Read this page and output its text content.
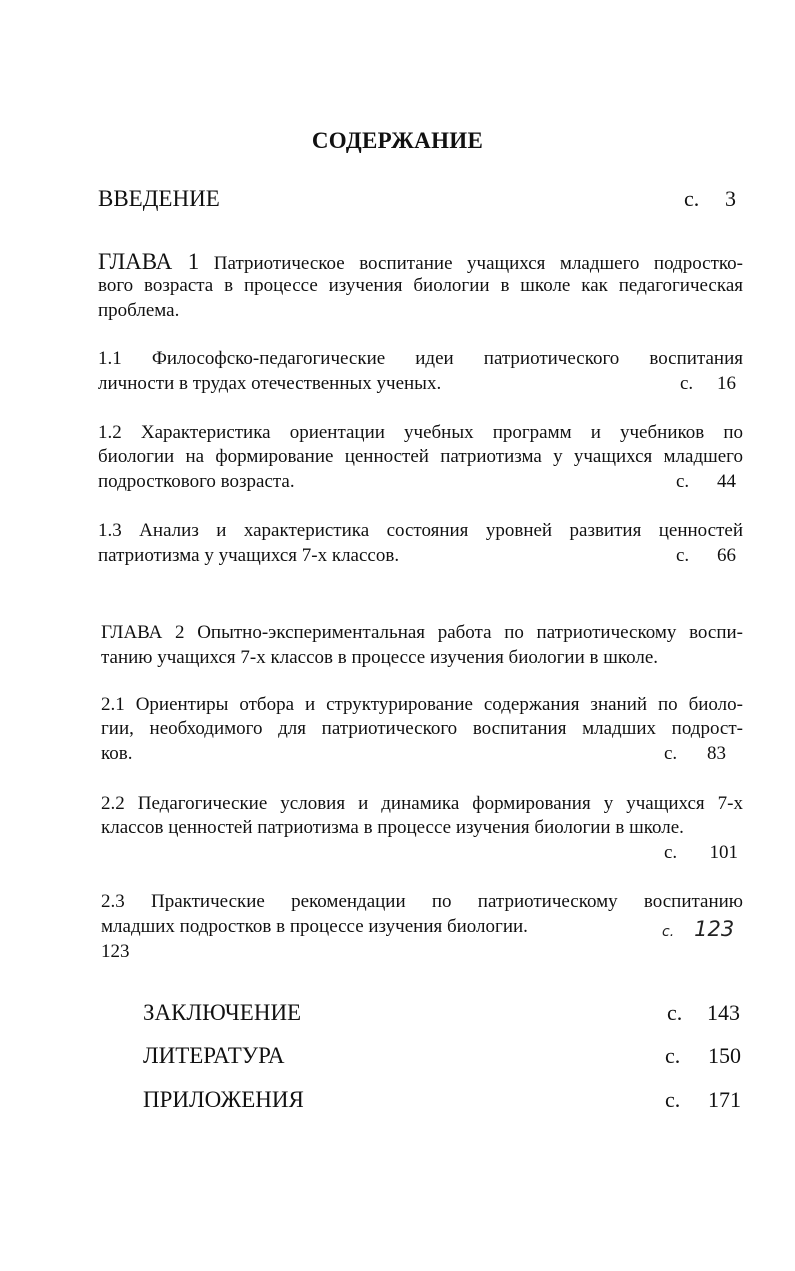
СОДЕРЖАНИЕ
ВВЕДЕНИЕ	с. 3
ГЛАВА 1 Патриотическое воспитание учащихся младшего подростко-
вого возраста в процессе изучения биологии в школе как педагогическая
проблема.
1.1 Философско-педагогические идеи патриотического воспитания
личности в трудах отечественных ученых.	с. 16
1.2 Характеристика ориентации учебных программ и учебников по
биологии на формирование ценностей патриотизма у учащихся младшего
подросткового возраста.	с. 44
1.3 Анализ и характеристика состояния уровней развития ценностей
патриотизма у учащихся 7-х классов.	с. 66
ГЛАВА 2 Опытно-экспериментальная работа по патриотическому воспи-
танию учащихся 7-х классов в процессе изучения биологии в школе.
2.1 Ориентиры отбора и структурирование содержания знаний по биоло-
гии, необходимого для патриотического воспитания младших подрост-
ков.	с. 83
2.2 Педагогические условия и динамика формирования у учащихся 7-х
классов ценностей патриотизма в процессе изучения биологии в школе.
с. 101
2.3 Практические рекомендации по патриотическому воспитанию
младших подростков в процессе изучения биологии.	с. 123
123
ЗАКЛЮЧЕНИЕ	с. 143
ЛИТЕРАТУРА	с. 150
ПРИЛОЖЕНИЯ	с. 171
